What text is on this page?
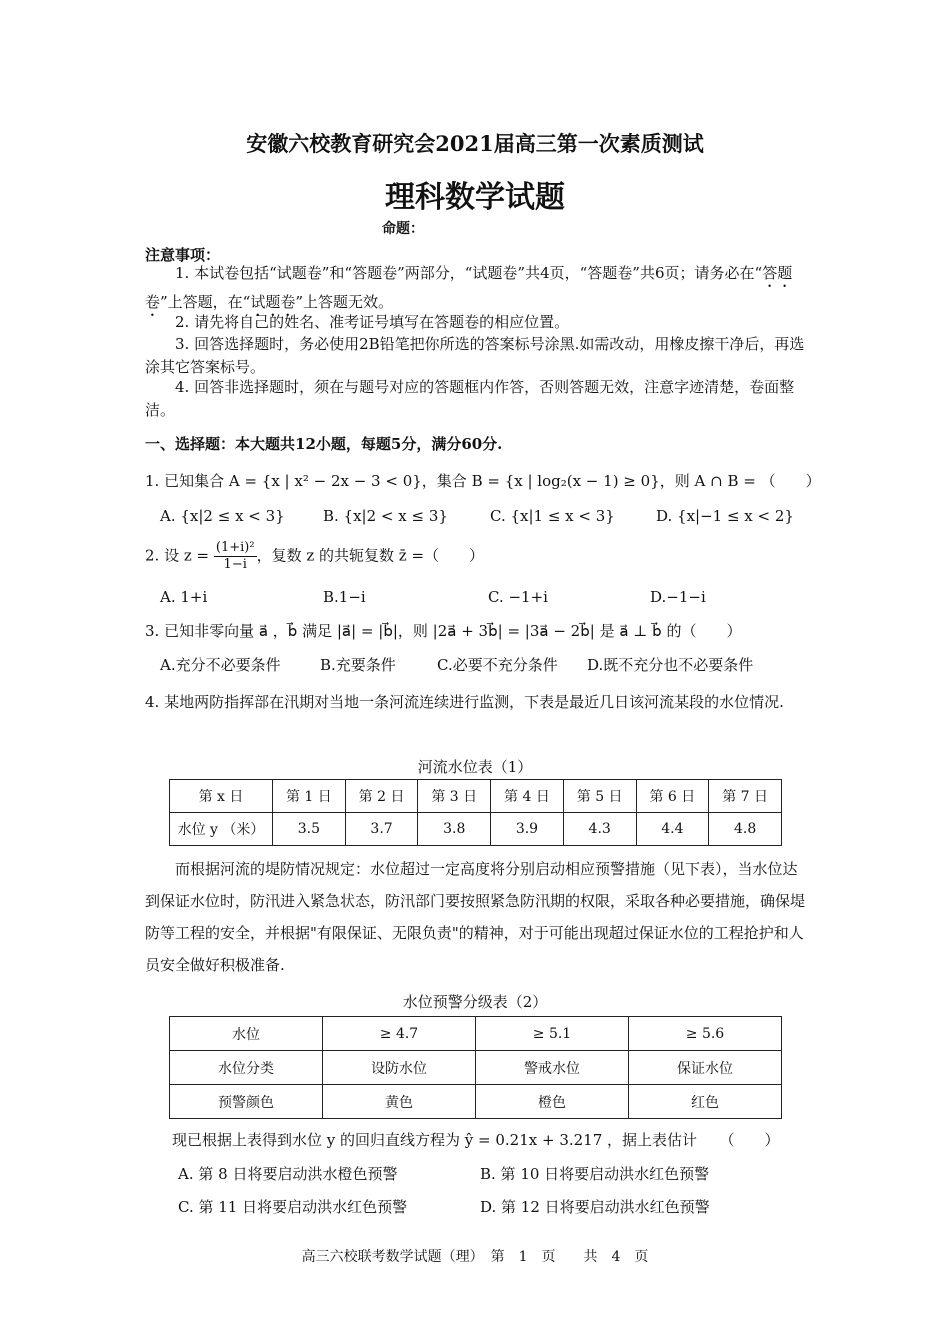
安徽六校教育研究会2021届高三第一次素质测试
理科数学试题
命题：
注意事项：
1. 本试卷包括“试题卷”和“答题卷”两部分，“试题卷”共4页，“答题卷”共6页；请务必在“答题卷”上答题，在“试题卷”上答题无效。
2. 请先将自己的姓名、准考证号填写在答题卷的相应位置。
3. 回答选择题时，务必使用2B铅笔把你所选的答案标号涂黑.如需改动，用橡皮擦干净后，再选涂其它答案标号。
4. 回答非选择题时，须在与题号对应的答题框内作答，否则答题无效，注意字迹清楚，卷面整洁。
一、选择题：本大题共12小题，每题5分，满分60分.
1. 已知集合 A = {x | x² − 2x − 3 < 0}，集合 B = {x | log₂(x − 1) ≥ 0}，则 A ∩ B = （　　）
A. {x|2 ≤ x < 3}	B. {x|2 < x ≤ 3}	C. {x|1 ≤ x < 3}	D. {x|−1 ≤ x < 2}
2. 设 $z = \frac{\text{(1+i)²}}{1-i}$ ，复数 z 的共轭复数 z̄ =（　　）
A. 1+i	B.1−i	C. −1+i	D.−1−i
3. 已知非零向量 a⃗ ，b⃗ 满足 |a⃗| = |b⃗|，则 |2a⃗ + 3b⃗| = |3a⃗ − 2b⃗| 是 a⃗ ⊥ b⃗ 的（　　）
A.充分不必要条件	B.充要条件	C.必要不充分条件 D.既不充分也不必要条件
4. 某地两防指挥部在汛期对当地一条河流连续进行监测，下表是最近几日该河流某段的水位情况.
河流水位表（1）
第 x 日	第 1 日	第 2 日	第 3 日	第 4 日	第 5 日	第 6 日	第 7 日
水位 y （米）	3.5	3.7	3.8	3.9	4.3	4.4	4.8
而根据河流的堤防情况规定：水位超过一定高度将分别启动相应预警措施（见下表），当水位达到保证水位时，防汛进入紧急状态，防汛部门要按照紧急防汛期的权限，采取各种必要措施，确保堤防等工程的安全，并根据"有限保证、无限负责"的精神，对于可能出现超过保证水位的工程抢护和人员安全做好积极准备.
水位预警分级表（2）
水位	≥ 4.7	≥ 5.1	≥ 5.6
水位分类	设防水位	警戒水位	保证水位
预警颜色	黄色	橙色	红色
现已根据上表得到水位 y 的回归直线方程为 ŷ = 0.21x + 3.217 ，据上表估计　　（　　）
A. 第 8 日将要启动洪水橙色预警	B. 第 10 日将要启动洪水红色预警
C. 第 11 日将要启动洪水红色预警	D. 第 12 日将要启动洪水红色预警
高三六校联考数学试题（理）　第　1　页　　共　4　页
